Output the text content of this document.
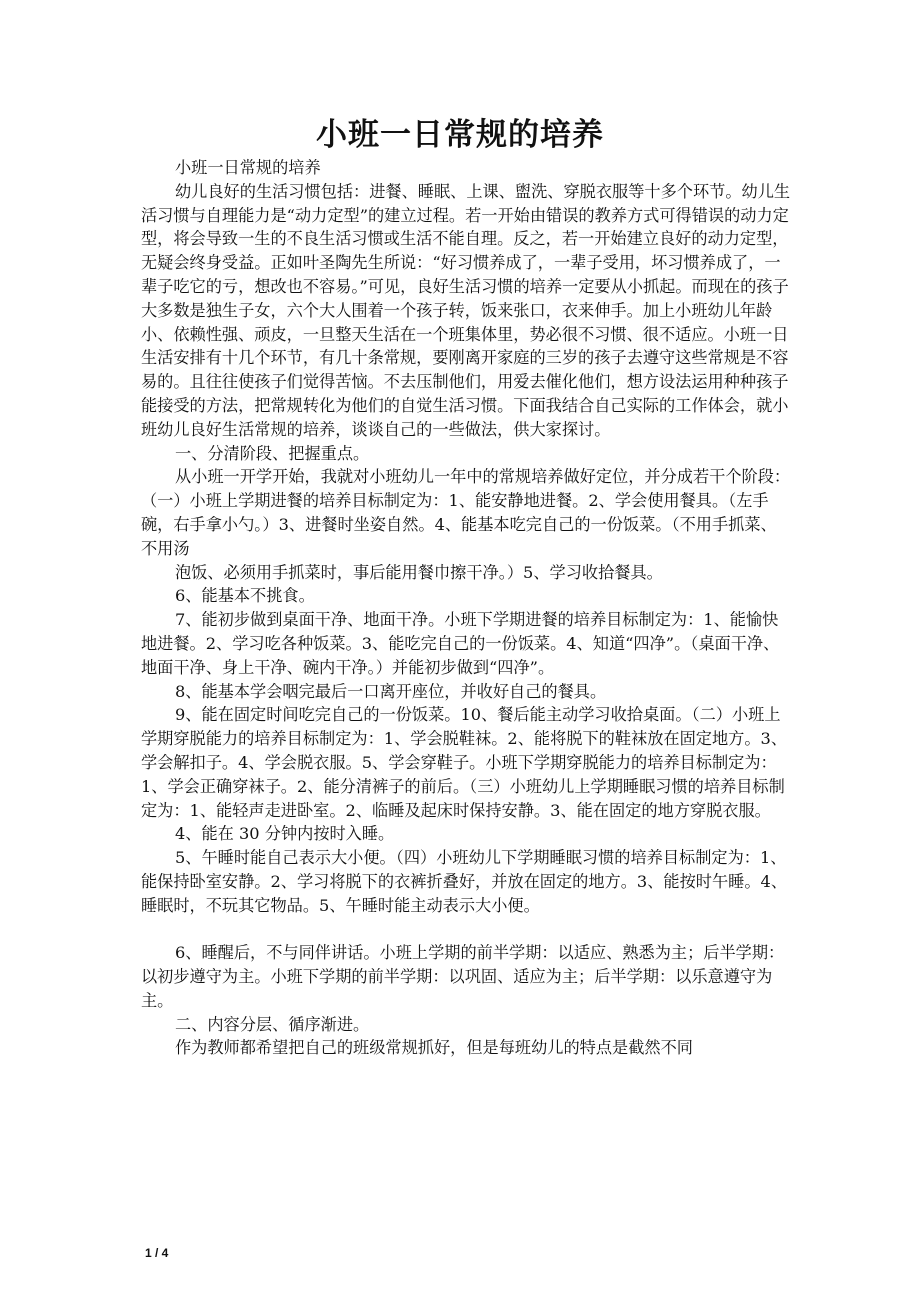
小班一日常规的培养

小班一日常规的培养

幼儿良好的生活习惯包括：进餐、睡眠、上课、盥洗、穿脱衣服等十多个环节。幼儿生活习惯与自理能力是“动力定型”的建立过程。若一开始由错误的教养方式可得错误的动力定型，将会导致一生的不良生活习惯或生活不能自理。反之，若一开始建立良好的动力定型，无疑会终身受益。正如叶圣陶先生所说：“好习惯养成了，一辈子受用，坏习惯养成了，一辈子吃它的亏，想改也不容易。”可见，良好生活习惯的培养一定要从小抓起。而现在的孩子大多数是独生子女，六个大人围着一个孩子转，饭来张口，衣来伸手。加上小班幼儿年龄小、依赖性强、顽皮，一旦整天生活在一个班集体里，势必很不习惯、很不适应。小班一日生活安排有十几个环节，有几十条常规，要刚离开家庭的三岁的孩子去遵守这些常规是不容易的。且往往使孩子们觉得苦恼。不去压制他们，用爱去催化他们，想方设法运用种种孩子能接受的方法，把常规转化为他们的自觉生活习惯。下面我结合自己实际的工作体会，就小班幼儿良好生活常规的培养，谈谈自己的一些做法，供大家探讨。

一、分清阶段、把握重点。

从小班一开学开始，我就对小班幼儿一年中的常规培养做好定位，并分成若干个阶段：（一）小班上学期进餐的培养目标制定为：1、能安静地进餐。2、学会使用餐具。（左手碗，右手拿小勺。）3、进餐时坐姿自然。4、能基本吃完自己的一份饭菜。（不用手抓菜、不用汤

泡饭、必须用手抓菜时，事后能用餐巾擦干净。）5、学习收拾餐具。

6、能基本不挑食。

7、能初步做到桌面干净、地面干净。小班下学期进餐的培养目标制定为：1、能愉快地进餐。2、学习吃各种饭菜。3、能吃完自己的一份饭菜。4、知道“四净”。（桌面干净、地面干净、身上干净、碗内干净。）并能初步做到“四净”。

8、能基本学会咽完最后一口离开座位，并收好自己的餐具。

9、能在固定时间吃完自己的一份饭菜。10、餐后能主动学习收拾桌面。（二）小班上学期穿脱能力的培养目标制定为：1、学会脱鞋袜。2、能将脱下的鞋袜放在固定地方。3、学会解扣子。4、学会脱衣服。5、学会穿鞋子。小班下学期穿脱能力的培养目标制定为：1、学会正确穿袜子。2、能分清裤子的前后。（三）小班幼儿上学期睡眠习惯的培养目标制定为：1、能轻声走进卧室。2、临睡及起床时保持安静。3、能在固定的地方穿脱衣服。

4、能在 30 分钟内按时入睡。

5、午睡时能自己表示大小便。（四）小班幼儿下学期睡眠习惯的培养目标制定为：1、能保持卧室安静。2、学习将脱下的衣裤折叠好，并放在固定的地方。3、能按时午睡。4、睡眠时，不玩其它物品。5、午睡时能主动表示大小便。

6、睡醒后，不与同伴讲话。小班上学期的前半学期：以适应、熟悉为主；后半学期：以初步遵守为主。小班下学期的前半学期：以巩固、适应为主；后半学期：以乐意遵守为主。

二、内容分层、循序渐进。

作为教师都希望把自己的班级常规抓好，但是每班幼儿的特点是截然不同

1 / 4
